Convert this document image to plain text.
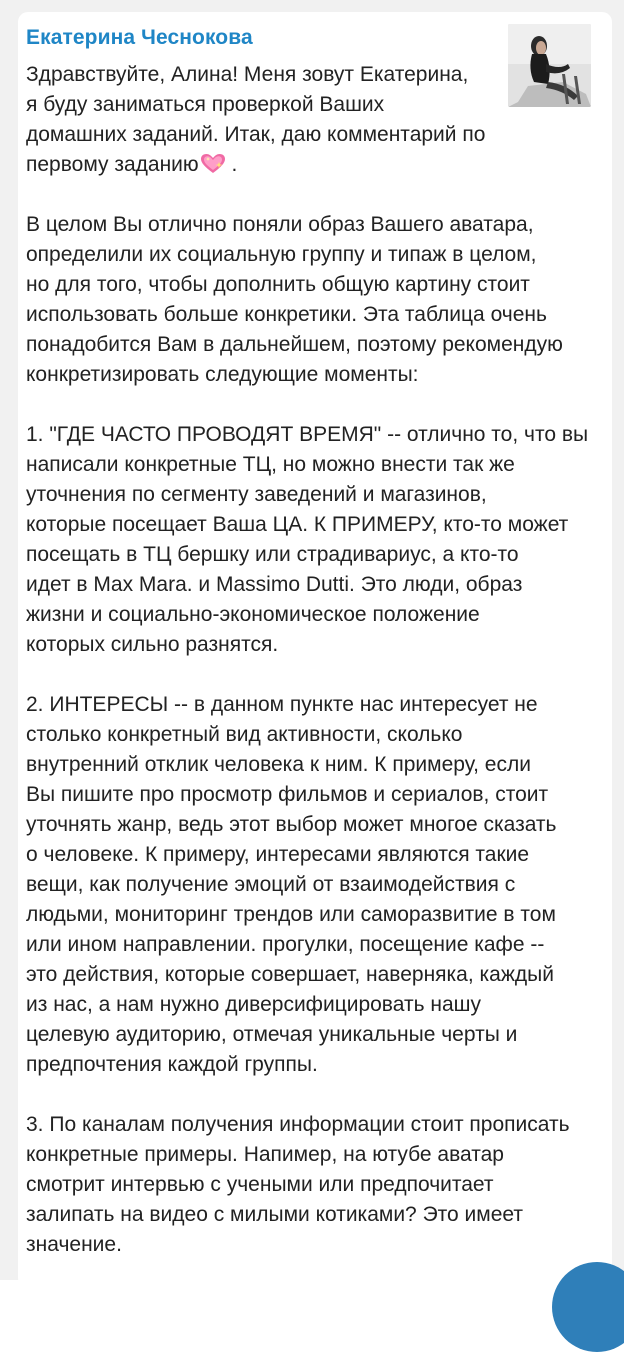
Екатерина Чеснокова

Здравствуйте, Алина! Меня зовут Екатерина,
я буду заниматься проверкой Ваших
домашних заданий. Итак, даю комментарий по
первому заданию .

В целом Вы отлично поняли образ Вашего аватара,
определили их социальную группу и типаж в целом,
но для того, чтобы дополнить общую картину стоит
использовать больше конкретики. Эта таблица очень
понадобится Вам в дальнейшем, поэтому рекомендую
конкретизировать следующие моменты:

1. "ГДЕ ЧАСТО ПРОВОДЯТ ВРЕМЯ" -- отлично то, что вы
написали конкретные ТЦ, но можно внести так же
уточнения по сегменту заведений и магазинов,
которые посещает Ваша ЦА. К ПРИМЕРУ, кто-то может
посещать в ТЦ бершку или страдивариус, а кто-то
идет в Max Mara. и Massimo Dutti. Это люди, образ
жизни и социально-экономическое положение
которых сильно разнятся.

2. ИНТЕРЕСЫ -- в данном пункте нас интересует не
столько конкретный вид активности, сколько
внутренний отклик человека к ним. К примеру, если
Вы пишите про просмотр фильмов и сериалов, стоит
уточнять жанр, ведь этот выбор может многое сказать
о человеке. К примеру, интересами являются такие
вещи, как получение эмоций от взаимодействия с
людьми, мониторинг трендов или саморазвитие в том
или ином направлении. прогулки, посещение кафе --
это действия, которые совершает, наверняка, каждый
из нас, а нам нужно диверсифицировать нашу
целевую аудиторию, отмечая уникальные черты и
предпочтения каждой группы.

3. По каналам получения информации стоит прописать
конкретные примеры. Напимер, на ютубе аватар
смотрит интервью с учеными или предпочитает
залипать на видео с милыми котиками? Это имеет
значение.
